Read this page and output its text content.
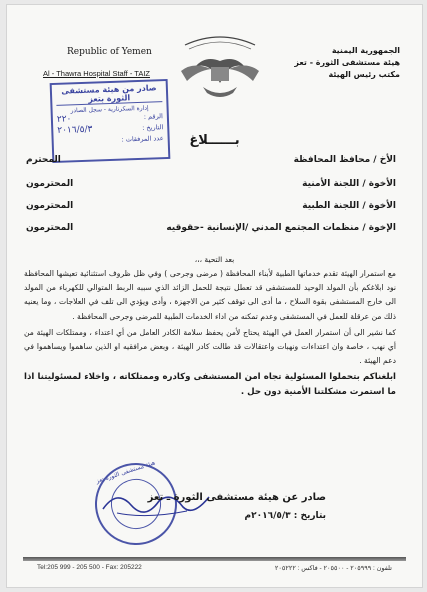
Republic of Yemen
Al - Thawra Hospital Staff - TAIZ
الجمهورية اليمنية
هيئة مستشفى الثورة - تعز
مكتب رئيس الهيئة
صادر من هيئة مستشفى الثورة بتعز
إدارة السكرتارية - سجل الصادر
الرقم :
٢٢٠
التاريخ :
٢٠١٦/٥/٣
عدد المرفقات :	بــــــلاغ
الأخ / محافظ المحافظة
المحترم
الأخوة / اللجنة الأمنية
المحترمون
الأخوة / اللجنة الطبية
المحترمون
الإخوة / منظمات المجتمع المدني /الإنسانية -حقوقيه
المحترمون
بعد التحية ،،،

مع استمرار الهيئة تقدم خدماتها الطبية لأبناء المحافظة ( مرضى وجرحى ) وفي ظل ظروف استثنائية تعيشها المحافظة نود ابلاغكم بأن المولد الوحيد للمستشفى قد تعطل نتيجة للحمل الزائد الذي سببه الربط المتوالي للكهرباء من المولد الى خارج المستشفى بقوة السلاح ، ما أدى الى توقف كثير من الاجهزة ، وأدى ويؤدي الى تلف في العلاجات ، وما يعنيه ذلك من عرقلة للعمل في المستشفى وعدم تمكنه من اداء الخدمات الطبية للمرضى وجرحى المحافظة .

كما نشير الى أن استمرار العمل في الهيئة يحتاج لأمن يحفظ سلامة الكادر العامل من أي اعتداء ، وممتلكات الهيئة من أي نهب ، خاصة وان اعتداءات ونهبات واعتقالات قد طالت كادر الهيئة ، وبعض مرافقيه او الذين ساهموا ويساهموا في دعم الهيئة .

ابلغناكم بتحملوا المسئولية تجاه امن المستشفى وكادره وممتلكاته ، واخلاء لمسئوليتنا اذا ما استمرت مشكلتنا الأمنية دون حل .

هيئة مستشفى الثورة تعز
صادر عن هيئة مستشفى الثورة ـ تعز
بتاريخ : ٢٠١٦/٥/٣م
Tel:205 999 - 205 500 - Fax: 205222	تلفون : ٢٠٥٩٩٩ - ٢٠٥٥٠٠ - فاكس : ٢٠٥٢٢٢
